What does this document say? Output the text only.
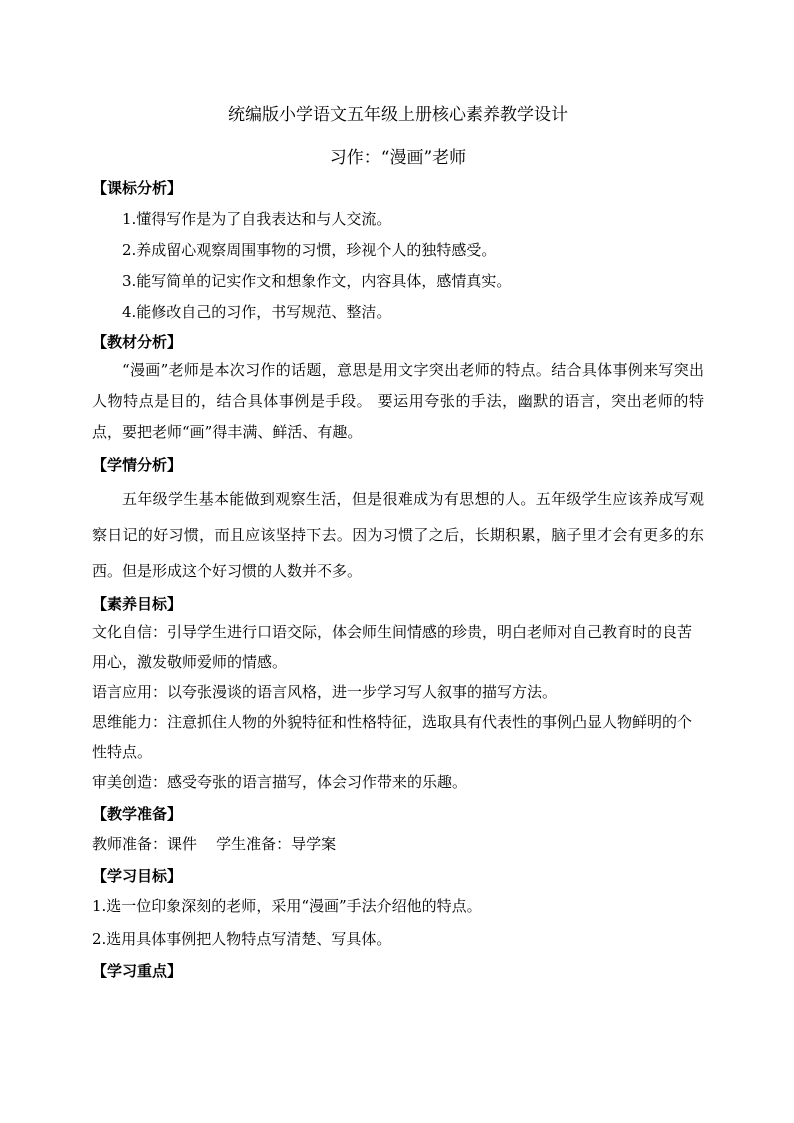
统编版小学语文五年级上册核心素养教学设计
习作：“漫画”老师
【课标分析】
1.懂得写作是为了自我表达和与人交流。
2.养成留心观察周围事物的习惯，珍视个人的独特感受。
3.能写简单的记实作文和想象作文，内容具体，感情真实。
4.能修改自己的习作，书写规范、整洁。
【教材分析】
“漫画”老师是本次习作的话题，意思是用文字突出老师的特点。结合具体事例来写突出人物特点是目的，结合具体事例是手段。 要运用夸张的手法，幽默的语言，突出老师的特点，要把老师“画”得丰满、鲜活、有趣。
【学情分析】
五年级学生基本能做到观察生活，但是很难成为有思想的人。五年级学生应该养成写观察日记的好习惯，而且应该坚持下去。因为习惯了之后，长期积累，脑子里才会有更多的东西。但是形成这个好习惯的人数并不多。
【素养目标】
文化自信：引导学生进行口语交际，体会师生间情感的珍贵，明白老师对自己教育时的良苦用心，激发敬师爱师的情感。
语言应用：以夸张漫谈的语言风格，进一步学习写人叙事的描写方法。
思维能力：注意抓住人物的外貌特征和性格特征，选取具有代表性的事例凸显人物鲜明的个性特点。
审美创造：感受夸张的语言描写，体会习作带来的乐趣。
【教学准备】
教师准备：课件    学生准备：导学案
【学习目标】
1.选一位印象深刻的老师，采用“漫画”手法介绍他的特点。
2.选用具体事例把人物特点写清楚、写具体。
【学习重点】
